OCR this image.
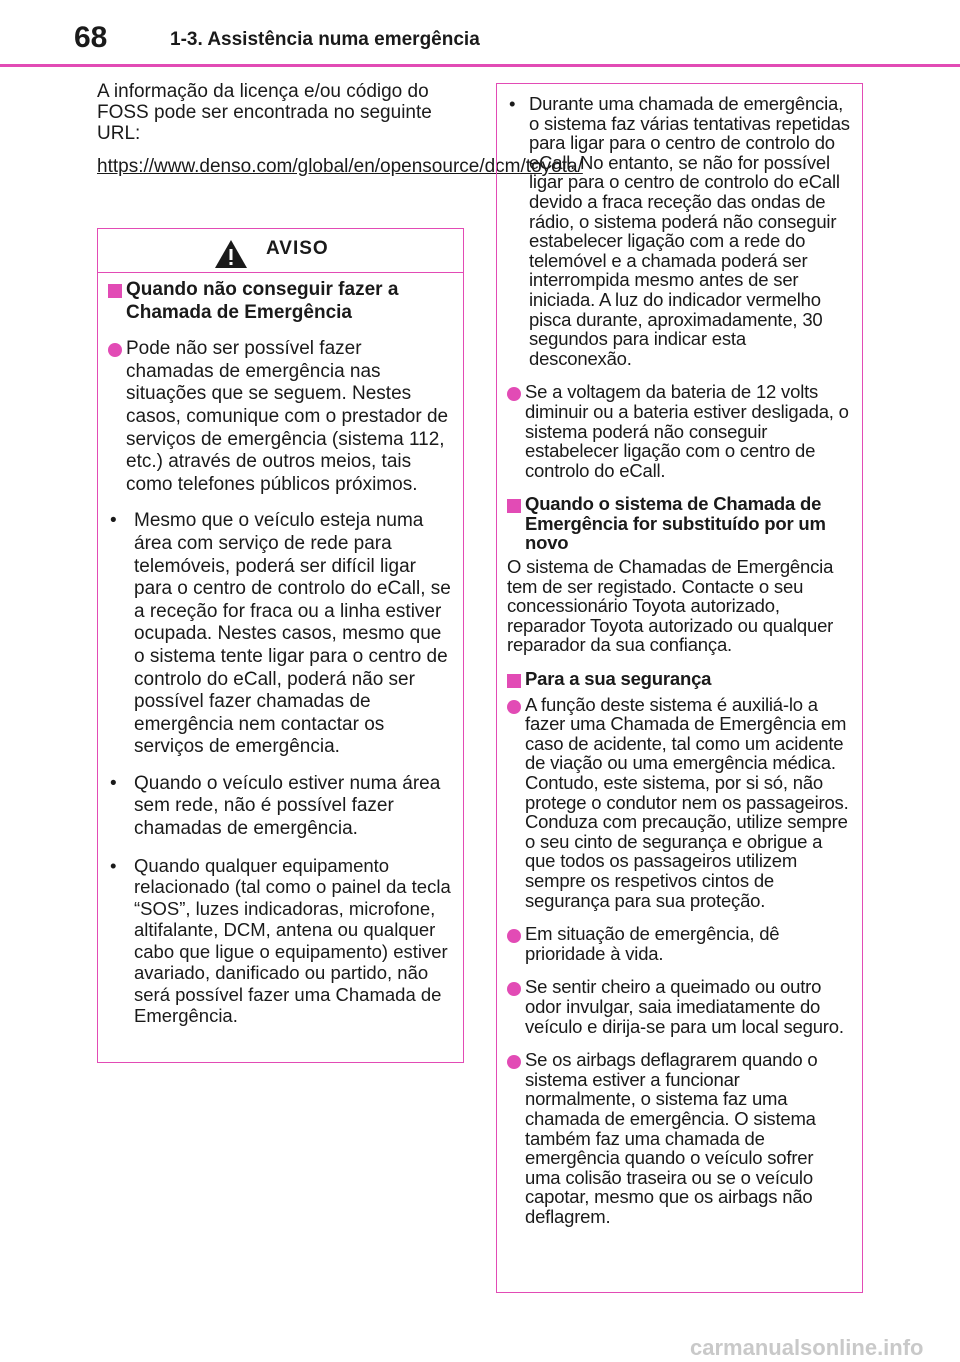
68	1-3. Assistência numa emergência

A informação da licença e/ou código do FOSS pode ser encontrada no seguinte URL:

https://www.denso.com/global/en/opensource/dcm/toyota/

AVISO
Quando não conseguir fazer a Chamada de Emergência
Pode não ser possível fazer chamadas de emergência nas situações que se seguem. Nestes casos, comunique com o prestador de serviços de emergência (sistema 112, etc.) através de outros meios, tais como telefones públicos próximos.
• Mesmo que o veículo esteja numa área com serviço de rede para telemóveis, poderá ser difícil ligar para o centro de controlo do eCall, se a receção for fraca ou a linha estiver ocupada. Nestes casos, mesmo que o sistema tente ligar para o centro de controlo do eCall, poderá não ser possível fazer chamadas de emergência nem contactar os serviços de emergência.
• Quando o veículo estiver numa área sem rede, não é possível fazer chamadas de emergência.
• Quando qualquer equipamento relacionado (tal como o painel da tecla “SOS”, luzes indicadoras, microfone, altifalante, DCM, antena ou qualquer cabo que ligue o equipamento) estiver avariado, danificado ou partido, não será possível fazer uma Chamada de Emergência.
• Durante uma chamada de emergência, o sistema faz várias tentativas repetidas para ligar para o centro de controlo do eCall. No entanto, se não for possível ligar para o centro de controlo do eCall devido a fraca receção das ondas de rádio, o sistema poderá não conseguir estabelecer ligação com a rede do telemóvel e a chamada poderá ser interrompida mesmo antes de ser iniciada. A luz do indicador vermelho pisca durante, aproximadamente, 30 segundos para indicar esta desconexão.
Se a voltagem da bateria de 12 volts diminuir ou a bateria estiver desligada, o sistema poderá não conseguir estabelecer ligação com o centro de controlo do eCall.
Quando o sistema de Chamada de Emergência for substituído por um novo
O sistema de Chamadas de Emergência tem de ser registado. Contacte o seu concessionário Toyota autorizado, reparador Toyota autorizado ou qualquer reparador da sua confiança.
Para a sua segurança
A função deste sistema é auxiliá-lo a fazer uma Chamada de Emergência em caso de acidente, tal como um acidente de viação ou uma emergência médica. Contudo, este sistema, por si só, não protege o condutor nem os passageiros. Conduza com precaução, utilize sempre o seu cinto de segurança e obrigue a que todos os passageiros utilizem sempre os respetivos cintos de segurança para sua proteção.
Em situação de emergência, dê prioridade à vida.
Se sentir cheiro a queimado ou outro odor invulgar, saia imediatamente do veículo e dirija-se para um local seguro.
Se os airbags deflagrarem quando o sistema estiver a funcionar normalmente, o sistema faz uma chamada de emergência. O sistema também faz uma chamada de emergência quando o veículo sofrer uma colisão traseira ou se o veículo capotar, mesmo que os airbags não deflagrem.
carmanualsonline.info
